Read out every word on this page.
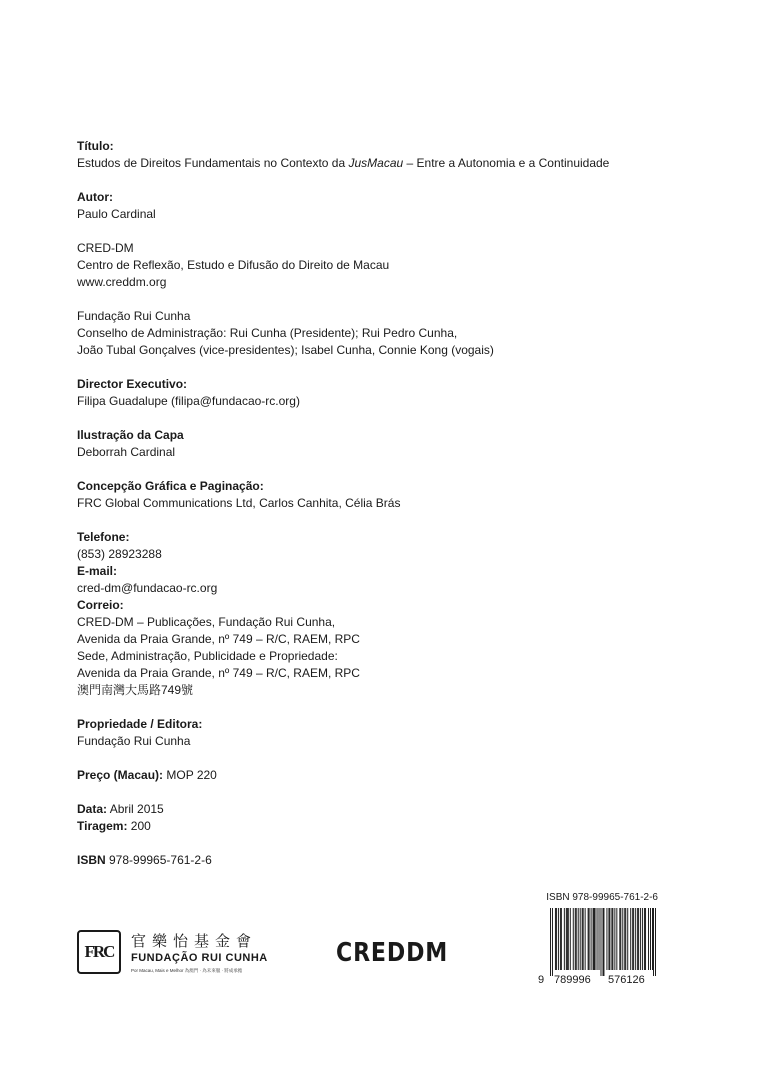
Título:
Estudos de Direitos Fundamentais no Contexto da JusMacau – Entre a Autonomia e a Continuidade
Autor:
Paulo Cardinal
CRED-DM
Centro de Reflexão, Estudo e Difusão do Direito de Macau
www.creddm.org
Fundação Rui Cunha
Conselho de Administração: Rui Cunha (Presidente); Rui Pedro Cunha,
João Tubal Gonçalves (vice-presidentes); Isabel Cunha, Connie Kong (vogais)
Director Executivo:
Filipa Guadalupe (filipa@fundacao-rc.org)
Ilustração da Capa
Deborrah Cardinal
Concepção Gráfica e Paginação:
FRC Global Communications Ltd, Carlos Canhita, Célia Brás
Telefone:
(853) 28923288
E-mail:
cred-dm@fundacao-rc.org
Correio:
CRED-DM – Publicações, Fundação Rui Cunha,
Avenida da Praia Grande, nº 749 – R/C, RAEM, RPC
Sede, Administração, Publicidade e Propriedade:
Avenida da Praia Grande, nº 749 – R/C, RAEM, RPC
澳門南灣大馬路749號
Propriedade / Editora:
Fundação Rui Cunha
Preço (Macau): MOP 220
Data: Abril 2015
Tiragem: 200
ISBN 978-99965-761-2-6
FRC
官樂怡基金會
FUNDAÇÃO RUI CUNHA
Por Macau, Mais e Melhor 為澳門 · 為未來服 · 將成承擔
CREDDM
ISBN 978-99965-761-2-6
9 789996 576126
